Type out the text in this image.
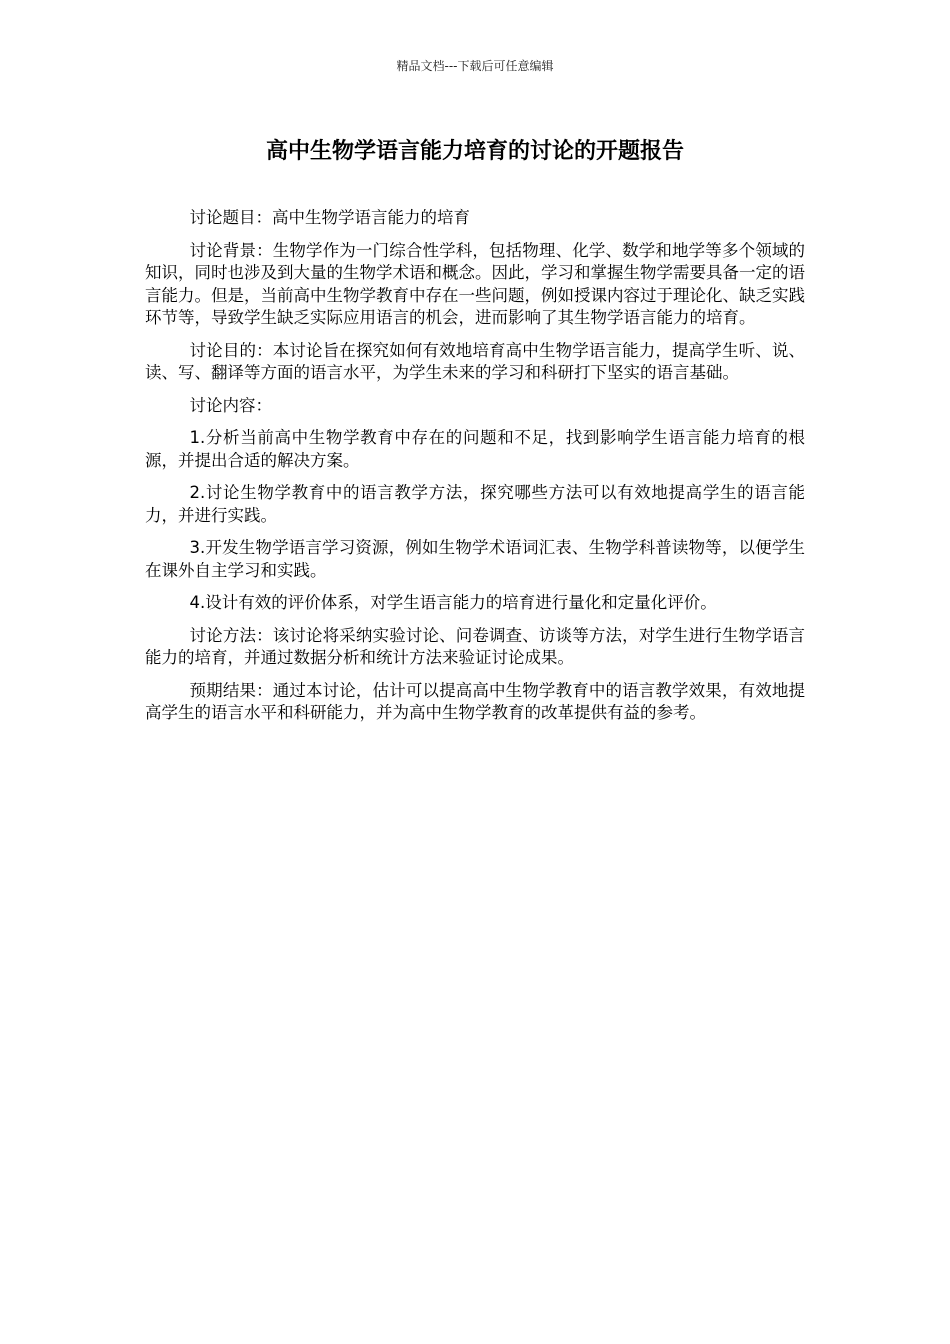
精品文档---下载后可任意编辑
高中生物学语言能力培育的讨论的开题报告

讨论题目：高中生物学语言能力的培育

讨论背景：生物学作为一门综合性学科，包括物理、化学、数学和地学等多个领域的知识，同时也涉及到大量的生物学术语和概念。因此，学习和掌握生物学需要具备一定的语言能力。但是，当前高中生物学教育中存在一些问题，例如授课内容过于理论化、缺乏实践环节等，导致学生缺乏实际应用语言的机会，进而影响了其生物学语言能力的培育。

讨论目的：本讨论旨在探究如何有效地培育高中生物学语言能力，提高学生听、说、读、写、翻译等方面的语言水平，为学生未来的学习和科研打下坚实的语言基础。

讨论内容：

1.分析当前高中生物学教育中存在的问题和不足，找到影响学生语言能力培育的根源，并提出合适的解决方案。

2.讨论生物学教育中的语言教学方法，探究哪些方法可以有效地提高学生的语言能力，并进行实践。

3.开发生物学语言学习资源，例如生物学术语词汇表、生物学科普读物等，以便学生在课外自主学习和实践。

4.设计有效的评价体系，对学生语言能力的培育进行量化和定量化评价。

讨论方法：该讨论将采纳实验讨论、问卷调查、访谈等方法，对学生进行生物学语言能力的培育，并通过数据分析和统计方法来验证讨论成果。

预期结果：通过本讨论，估计可以提高高中生物学教育中的语言教学效果，有效地提高学生的语言水平和科研能力，并为高中生物学教育的改革提供有益的参考。
